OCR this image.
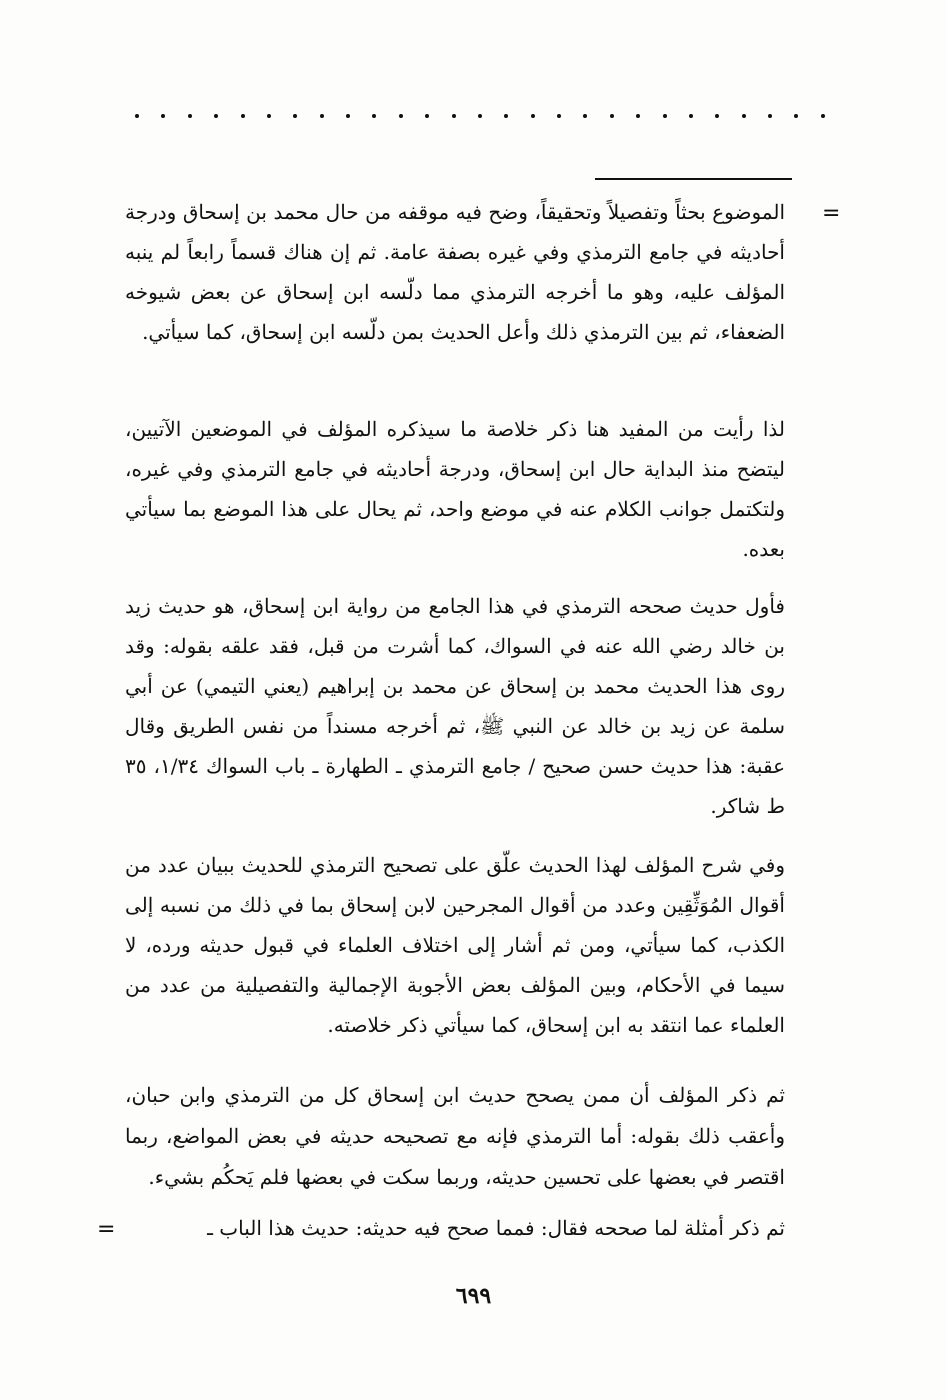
=

الموضوع بحثاً وتفصيلاً وتحقيقاً، وضح فيه موقفه من حال محمد بن إسحاق ودرجة أحاديثه في جامع الترمذي وفي غيره بصفة عامة. ثم إن هناك قسماً رابعاً لم ينبه المؤلف عليه، وهو ما أخرجه الترمذي مما دلّسه ابن إسحاق عن بعض شيوخه الضعفاء، ثم بين الترمذي ذلك وأعل الحديث بمن دلّسه ابن إسحاق، كما سيأتي.

لذا رأيت من المفيد هنا ذكر خلاصة ما سيذكره المؤلف في الموضعين الآتيين، ليتضح منذ البداية حال ابن إسحاق، ودرجة أحاديثه في جامع الترمذي وفي غيره، ولتكتمل جوانب الكلام عنه في موضع واحد، ثم يحال على هذا الموضع بما سيأتي بعده.

فأول حديث صححه الترمذي في هذا الجامع من رواية ابن إسحاق، هو حديث زيد بن خالد رضي الله عنه في السواك، كما أشرت من قبل، فقد علقه بقوله: وقد روى هذا الحديث محمد بن إسحاق عن محمد بن إبراهيم (يعني التيمي) عن أبي سلمة عن زيد بن خالد عن النبي ﷺ، ثم أخرجه مسنداً من نفس الطريق وقال عقبة: هذا حديث حسن صحيح / جامع الترمذي ـ الطهارة ـ باب السواك ١/٣٤، ٣٥ ط شاكر.

وفي شرح المؤلف لهذا الحديث علّق على تصحيح الترمذي للحديث ببيان عدد من أقوال المُوَثِّقِين وعدد من أقوال المجرحين لابن إسحاق بما في ذلك من نسبه إلى الكذب، كما سيأتي، ومن ثم أشار إلى اختلاف العلماء في قبول حديثه ورده، لا سيما في الأحكام، وبين المؤلف بعض الأجوبة الإجمالية والتفصيلية من عدد من العلماء عما انتقد به ابن إسحاق، كما سيأتي ذكر خلاصته.

ثم ذكر المؤلف أن ممن يصحح حديث ابن إسحاق كل من الترمذي وابن حبان، وأعقب ذلك بقوله: أما الترمذي فإنه مع تصحيحه حديثه في بعض المواضع، ربما اقتصر في بعضها على تحسين حديثه، وربما سكت في بعضها فلم يَحكُم بشيء.

ثم ذكر أمثلة لما صححه فقال: فمما صحح فيه حديثه: حديث هذا الباب ـ

=
٦٩٩
